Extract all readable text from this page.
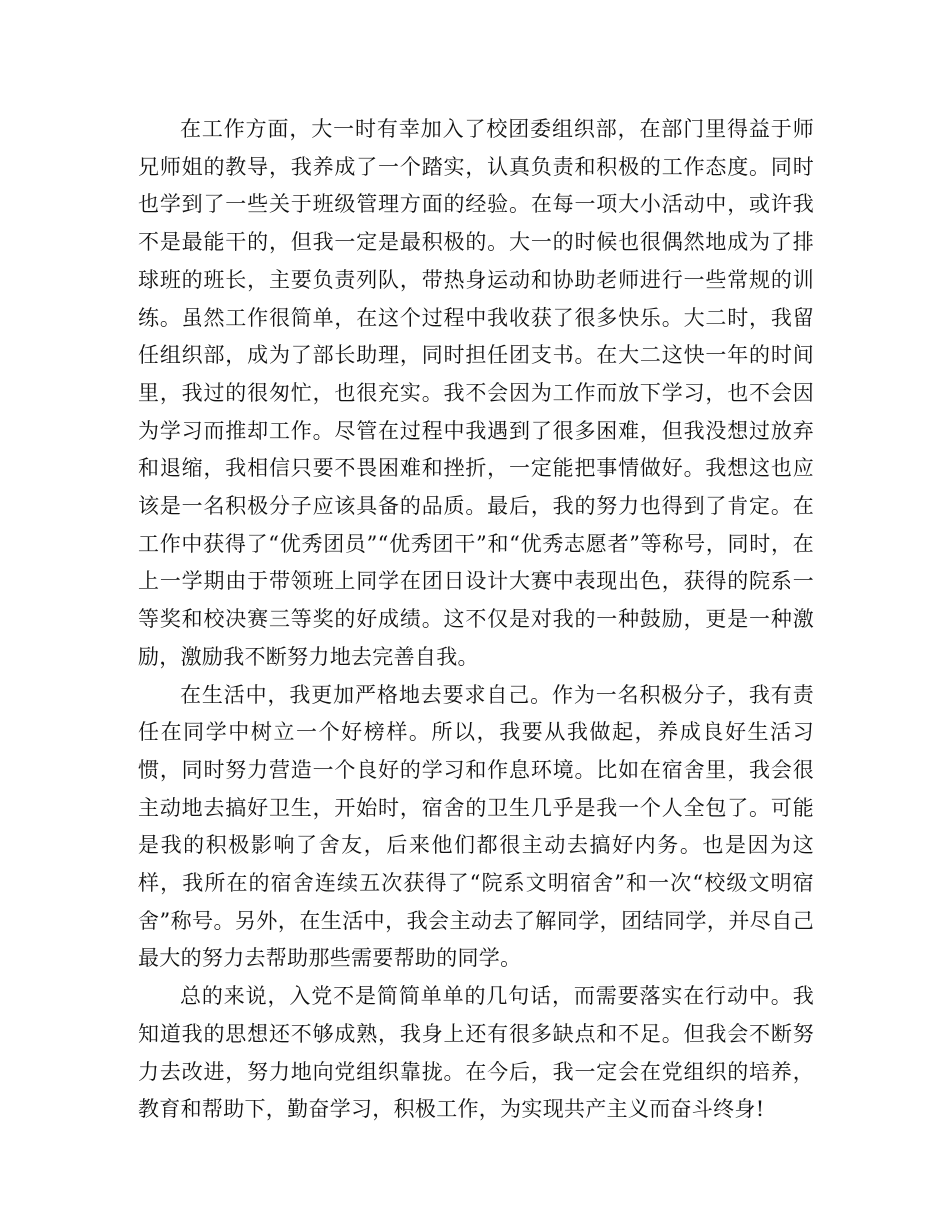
在工作方面，大一时有幸加入了校团委组织部，在部门里得益于师兄师姐的教导，我养成了一个踏实，认真负责和积极的工作态度。同时也学到了一些关于班级管理方面的经验。在每一项大小活动中，或许我不是最能干的，但我一定是最积极的。大一的时候也很偶然地成为了排球班的班长，主要负责列队，带热身运动和协助老师进行一些常规的训练。虽然工作很简单，在这个过程中我收获了很多快乐。大二时，我留任组织部，成为了部长助理，同时担任团支书。在大二这快一年的时间里，我过的很匆忙，也很充实。我不会因为工作而放下学习，也不会因为学习而推却工作。尽管在过程中我遇到了很多困难，但我没想过放弃和退缩，我相信只要不畏困难和挫折，一定能把事情做好。我想这也应该是一名积极分子应该具备的品质。最后，我的努力也得到了肯定。在工作中获得了“优秀团员”“优秀团干”和“优秀志愿者”等称号，同时，在上一学期由于带领班上同学在团日设计大赛中表现出色，获得的院系一等奖和校决赛三等奖的好成绩。这不仅是对我的一种鼓励，更是一种激励，激励我不断努力地去完善自我。

在生活中，我更加严格地去要求自己。作为一名积极分子，我有责任在同学中树立一个好榜样。所以，我要从我做起，养成良好生活习惯，同时努力营造一个良好的学习和作息环境。比如在宿舍里，我会很主动地去搞好卫生，开始时，宿舍的卫生几乎是我一个人全包了。可能是我的积极影响了舍友，后来他们都很主动去搞好内务。也是因为这样，我所在的宿舍连续五次获得了“院系文明宿舍”和一次“校级文明宿舍”称号。另外，在生活中，我会主动去了解同学，团结同学，并尽自己最大的努力去帮助那些需要帮助的同学。

总的来说，入党不是简简单单的几句话，而需要落实在行动中。我知道我的思想还不够成熟，我身上还有很多缺点和不足。但我会不断努力去改进，努力地向党组织靠拢。在今后，我一定会在党组织的培养，教育和帮助下，勤奋学习，积极工作，为实现共产主义而奋斗终身!
